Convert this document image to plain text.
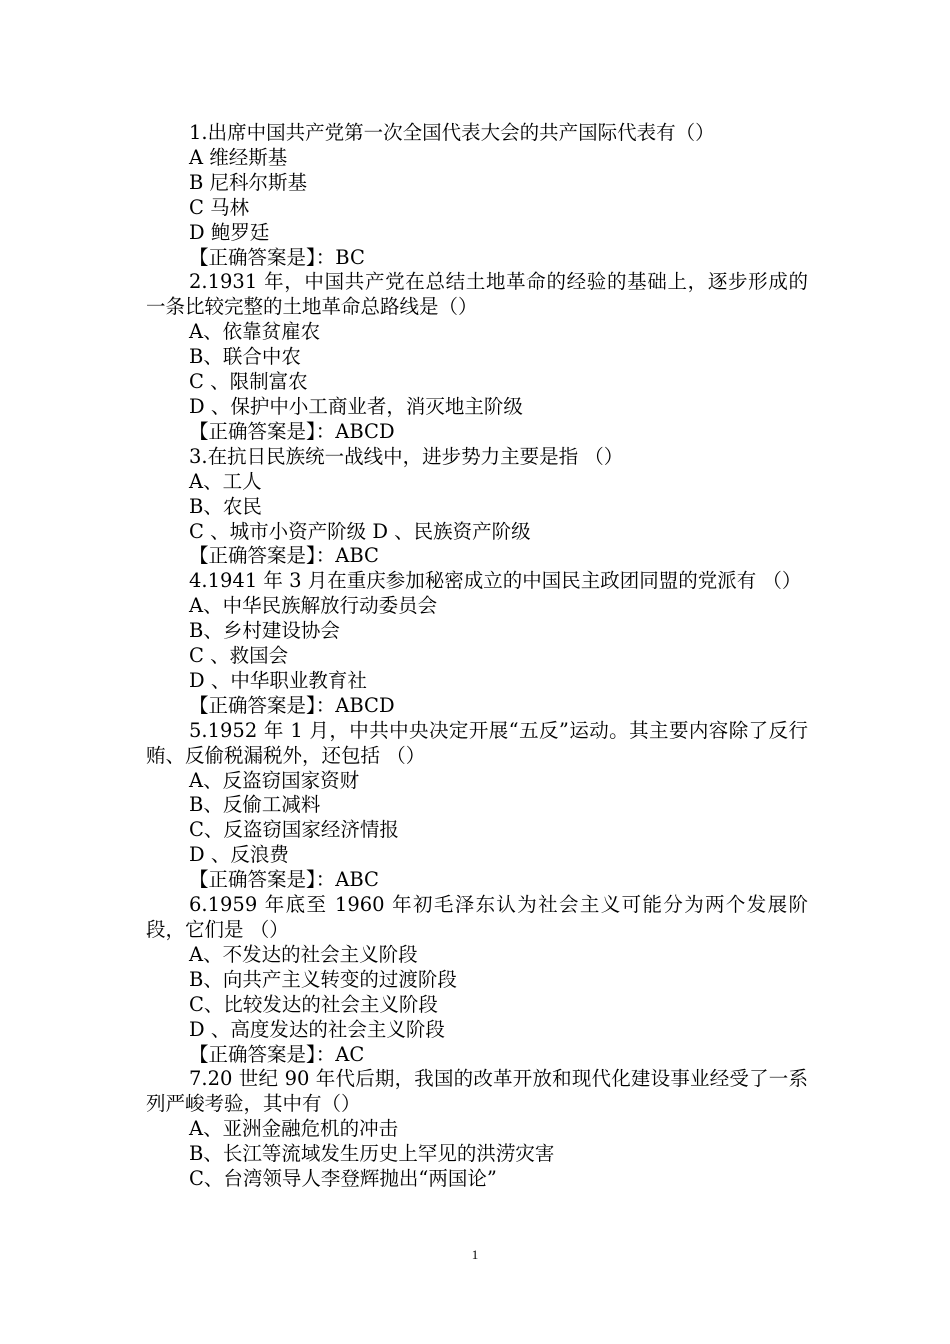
1.出席中国共产党第一次全国代表大会的共产国际代表有（）
A 维经斯基
B 尼科尔斯基
C 马林
D 鲍罗廷
【正确答案是】：BC
2.1931 年，中国共产党在总结土地革命的经验的基础上，逐步形成的一条比较完整的土地革命总路线是（）
A、依靠贫雇农
B、联合中农
C 、限制富农
D 、保护中小工商业者，消灭地主阶级
【正确答案是】：ABCD
3.在抗日民族统一战线中，进步势力主要是指 （）
A、工人
B、农民
C 、城市小资产阶级 D 、民族资产阶级
【正确答案是】：ABC
4.1941 年 3 月在重庆参加秘密成立的中国民主政团同盟的党派有 （）
A、中华民族解放行动委员会
B、乡村建设协会
C 、救国会
D 、中华职业教育社
【正确答案是】：ABCD
5.1952 年 1 月，中共中央决定开展“五反”运动。其主要内容除了反行贿、反偷税漏税外，还包括 （）
A、反盗窃国家资财
B、反偷工减料
C、反盗窃国家经济情报
D 、反浪费
【正确答案是】：ABC
6.1959 年底至 1960 年初毛泽东认为社会主义可能分为两个发展阶段，它们是 （）
A、不发达的社会主义阶段
B、向共产主义转变的过渡阶段
C、比较发达的社会主义阶段
D 、高度发达的社会主义阶段
【正确答案是】：AC
7.20 世纪 90 年代后期，我国的改革开放和现代化建设事业经受了一系列严峻考验，其中有（）
A、亚洲金融危机的冲击
B、长江等流域发生历史上罕见的洪涝灾害
C、台湾领导人李登辉抛出“两国论”
1
